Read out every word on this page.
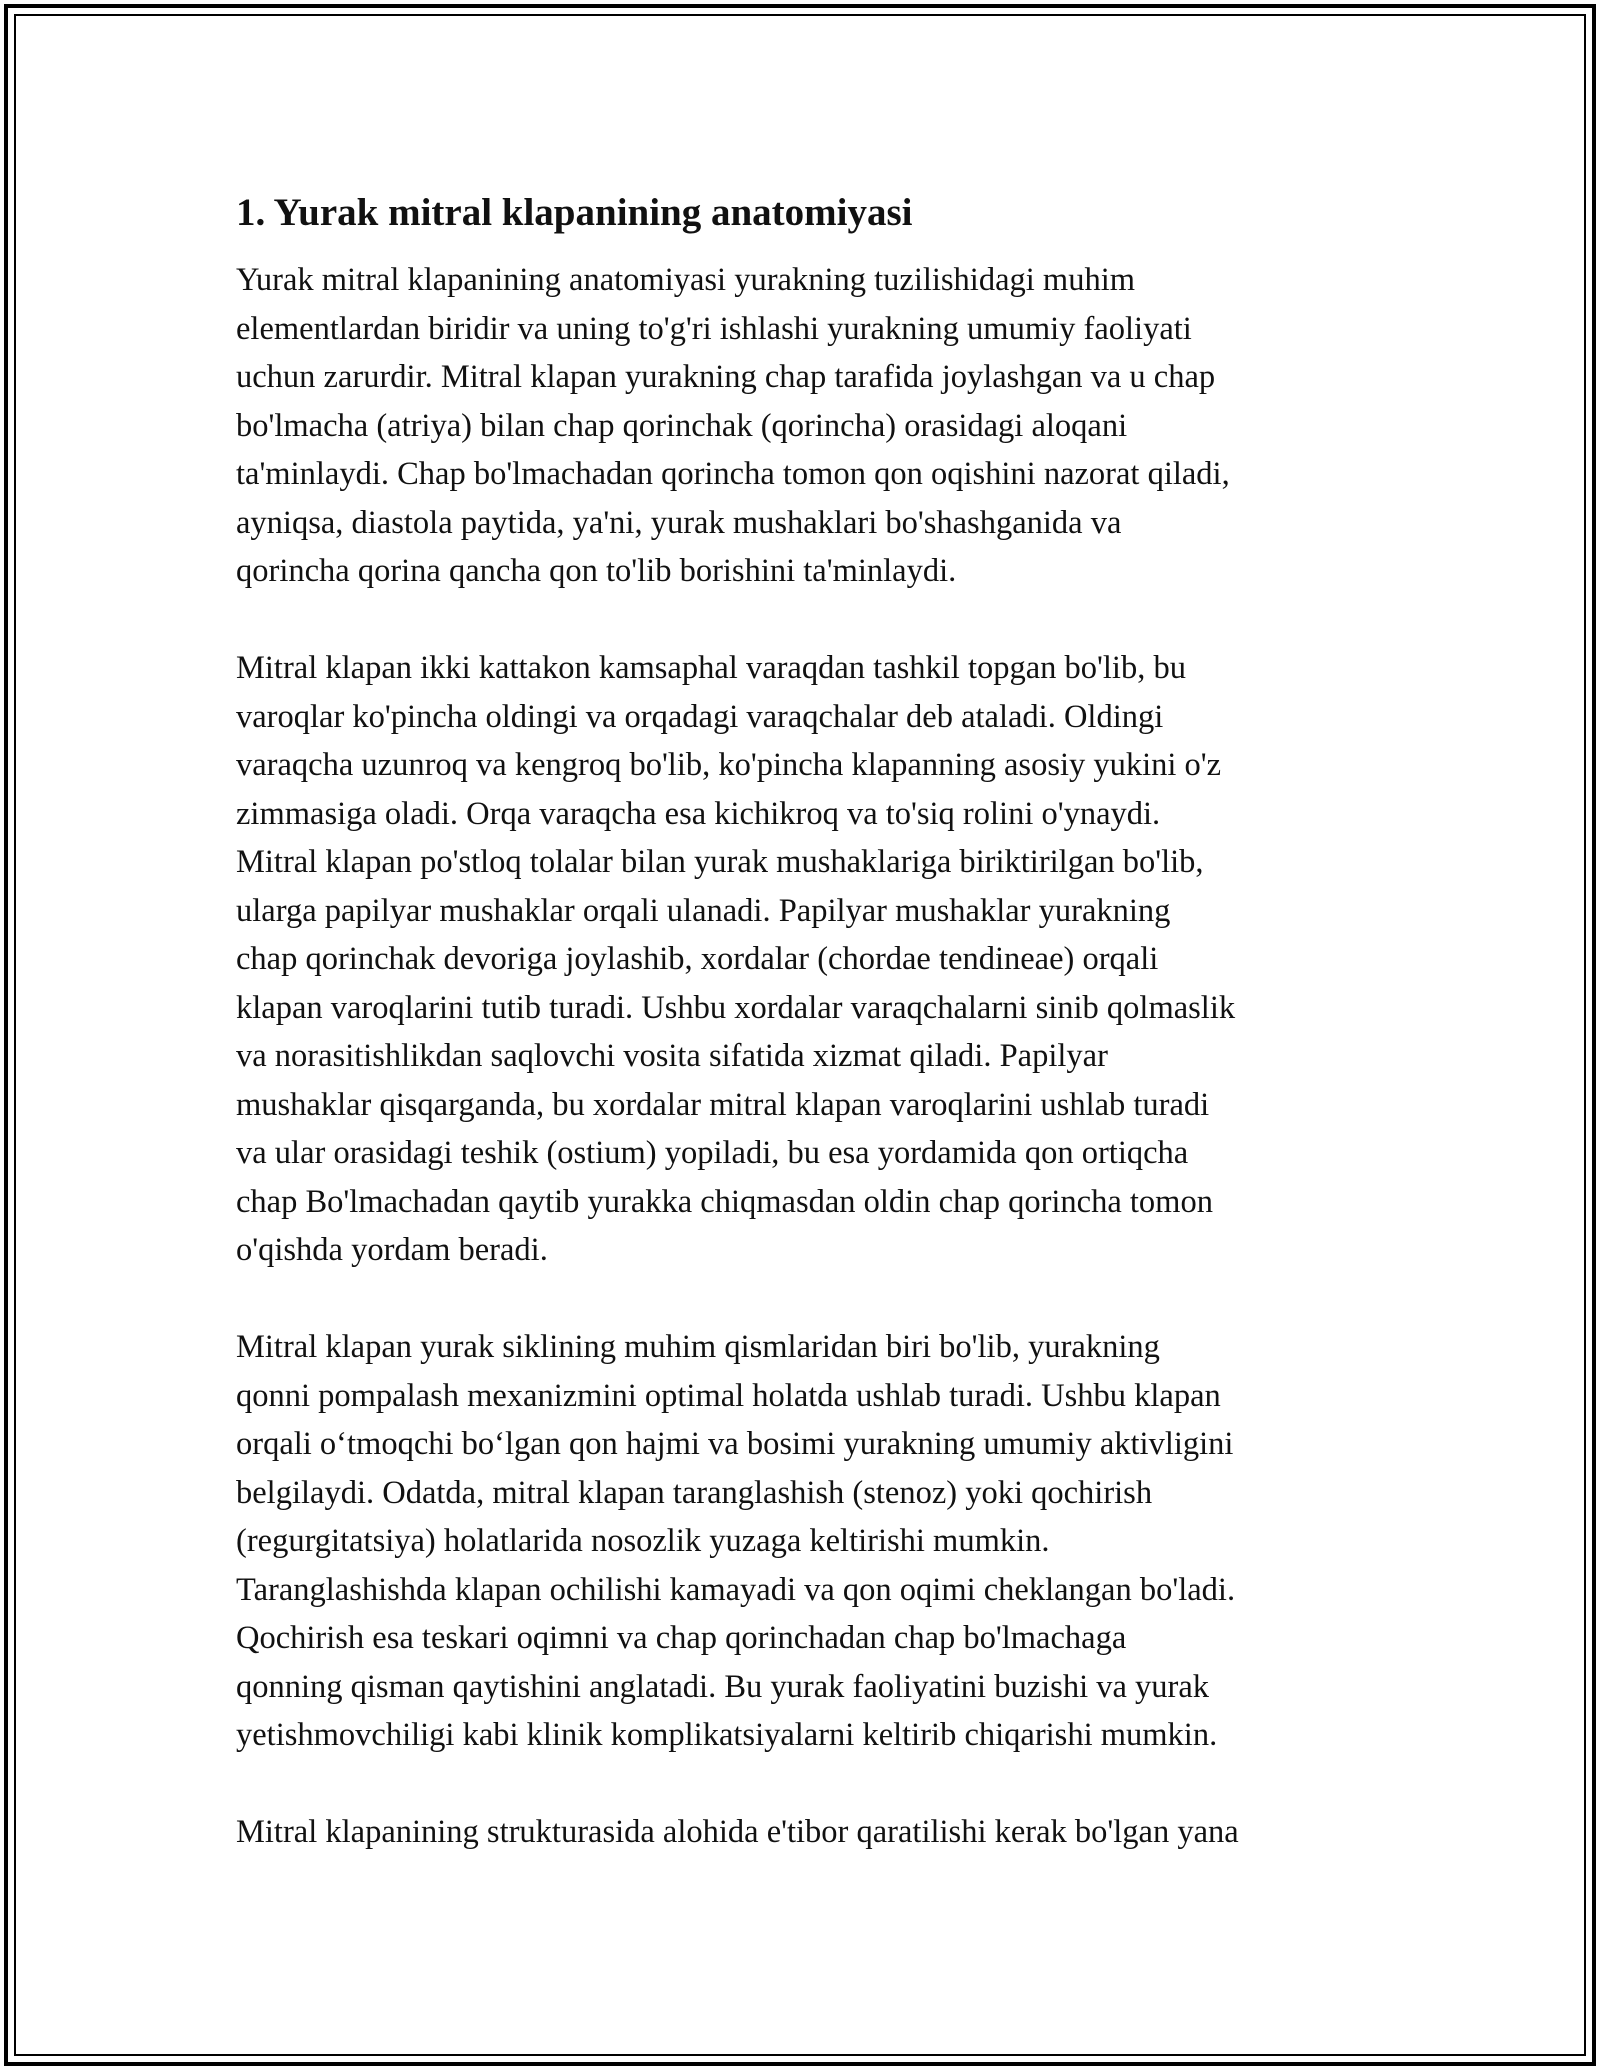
1. Yurak mitral klapanining anatomiyasi
Yurak mitral klapanining anatomiyasi yurakning tuzilishidagi muhim
elementlardan biridir va uning to'g'ri ishlashi yurakning umumiy faoliyati
uchun zarurdir. Mitral klapan yurakning chap tarafida joylashgan va u chap
bo'lmacha (atriya) bilan chap qorinchak (qorincha) orasidagi aloqani
ta'minlaydi. Chap bo'lmachadan qorincha tomon qon oqishini nazorat qiladi,
ayniqsa, diastola paytida, ya'ni, yurak mushaklari bo'shashganida va
qorincha qorina qancha qon to'lib borishini ta'minlaydi.
Mitral klapan ikki kattakon kamsaphal varaqdan tashkil topgan bo'lib, bu
varoqlar ko'pincha oldingi va orqadagi varaqchalar deb ataladi. Oldingi
varaqcha uzunroq va kengroq bo'lib, ko'pincha klapanning asosiy yukini o'z
zimmasiga oladi. Orqa varaqcha esa kichikroq va to'siq rolini o'ynaydi.
Mitral klapan po'stloq tolalar bilan yurak mushaklariga biriktirilgan bo'lib,
ularga papilyar mushaklar orqali ulanadi. Papilyar mushaklar yurakning
chap qorinchak devoriga joylashib, xordalar (chordae tendineae) orqali
klapan varoqlarini tutib turadi. Ushbu xordalar varaqchalarni sinib qolmaslik
va norasitishlikdan saqlovchi vosita sifatida xizmat qiladi. Papilyar
mushaklar qisqarganda, bu xordalar mitral klapan varoqlarini ushlab turadi
va ular orasidagi teshik (ostium) yopiladi, bu esa yordamida qon ortiqcha
chap Bo'lmachadan qaytib yurakka chiqmasdan oldin chap qorincha tomon
o'qishda yordam beradi.
Mitral klapan yurak siklining muhim qismlaridan biri bo'lib, yurakning
qonni pompalash mexanizmini optimal holatda ushlab turadi. Ushbu klapan
orqali o‘tmoqchi bo‘lgan qon hajmi va bosimi yurakning umumiy aktivligini
belgilaydi. Odatda, mitral klapan taranglashish (stenoz) yoki qochirish
(regurgitatsiya) holatlarida nosozlik yuzaga keltirishi mumkin.
Taranglashishda klapan ochilishi kamayadi va qon oqimi cheklangan bo'ladi.
Qochirish esa teskari oqimni va chap qorinchadan chap bo'lmachaga
qonning qisman qaytishini anglatadi. Bu yurak faoliyatini buzishi va yurak
yetishmovchiligi kabi klinik komplikatsiyalarni keltirib chiqarishi mumkin.
Mitral klapanining strukturasida alohida e'tibor qaratilishi kerak bo'lgan yana
